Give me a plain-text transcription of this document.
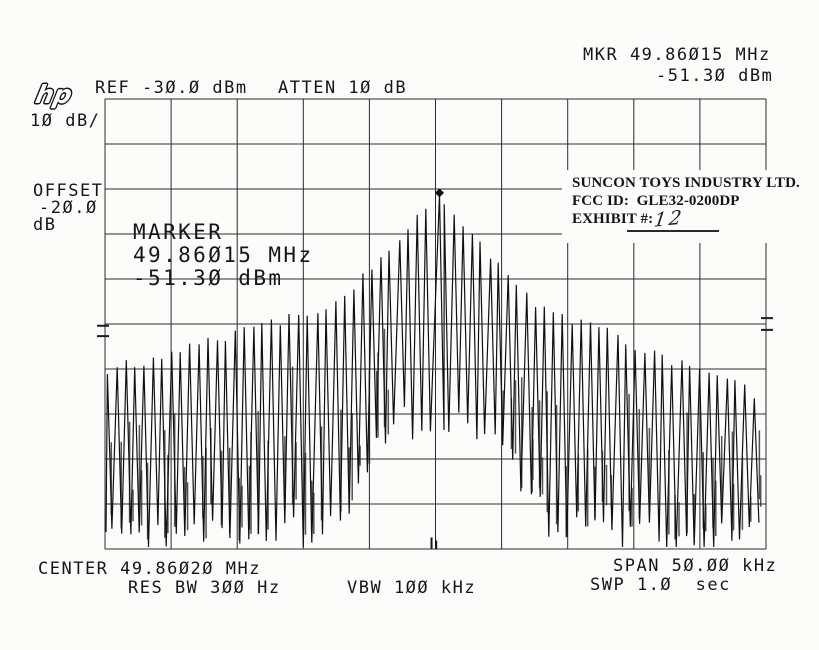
MKR 49.86Ø15 MHz
-51.3Ø dBm
hp REF -3Ø.Ø dBm ATTEN 1Ø dB
1Ø dB/
OFFSET
-2Ø.Ø
dB	MARKER
49.86Ø15 MHz
-51.3Ø dBm
SUNCON TOYS INDUSTRY LTD.
FCC ID:  GLE32-0200DP
EXHIBIT #: 12
CENTER 49.86Ø2Ø MHz
RES BW 3ØØ Hz	VBW 1ØØ kHz
SPAN 5Ø.ØØ kHz
SWP 1.Ø  sec
